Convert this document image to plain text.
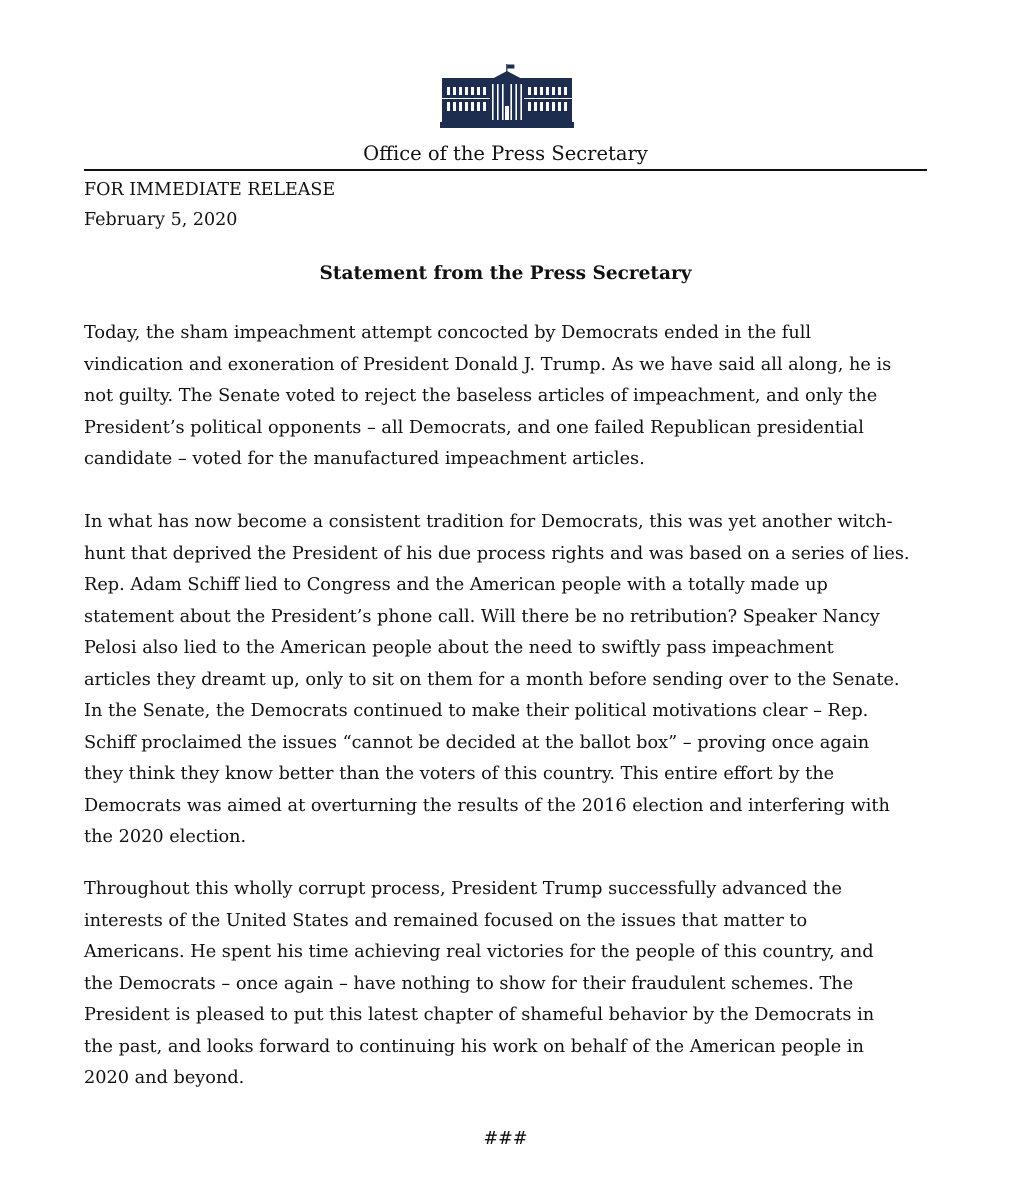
Office of the Press Secretary
FOR IMMEDIATE RELEASE
February 5, 2020
Statement from the Press Secretary

Today, the sham impeachment attempt concocted by Democrats ended in the full
vindication and exoneration of President Donald J. Trump. As we have said all along, he is
not guilty. The Senate voted to reject the baseless articles of impeachment, and only the
President’s political opponents – all Democrats, and one failed Republican presidential
candidate – voted for the manufactured impeachment articles.

In what has now become a consistent tradition for Democrats, this was yet another witch-
hunt that deprived the President of his due process rights and was based on a series of lies.
Rep. Adam Schiff lied to Congress and the American people with a totally made up
statement about the President’s phone call. Will there be no retribution? Speaker Nancy
Pelosi also lied to the American people about the need to swiftly pass impeachment
articles they dreamt up, only to sit on them for a month before sending over to the Senate.
In the Senate, the Democrats continued to make their political motivations clear – Rep.
Schiff proclaimed the issues “cannot be decided at the ballot box” – proving once again
they think they know better than the voters of this country. This entire effort by the
Democrats was aimed at overturning the results of the 2016 election and interfering with
the 2020 election.

Throughout this wholly corrupt process, President Trump successfully advanced the
interests of the United States and remained focused on the issues that matter to
Americans. He spent his time achieving real victories for the people of this country, and
the Democrats – once again – have nothing to show for their fraudulent schemes. The
President is pleased to put this latest chapter of shameful behavior by the Democrats in
the past, and looks forward to continuing his work on behalf of the American people in
2020 and beyond.

###
